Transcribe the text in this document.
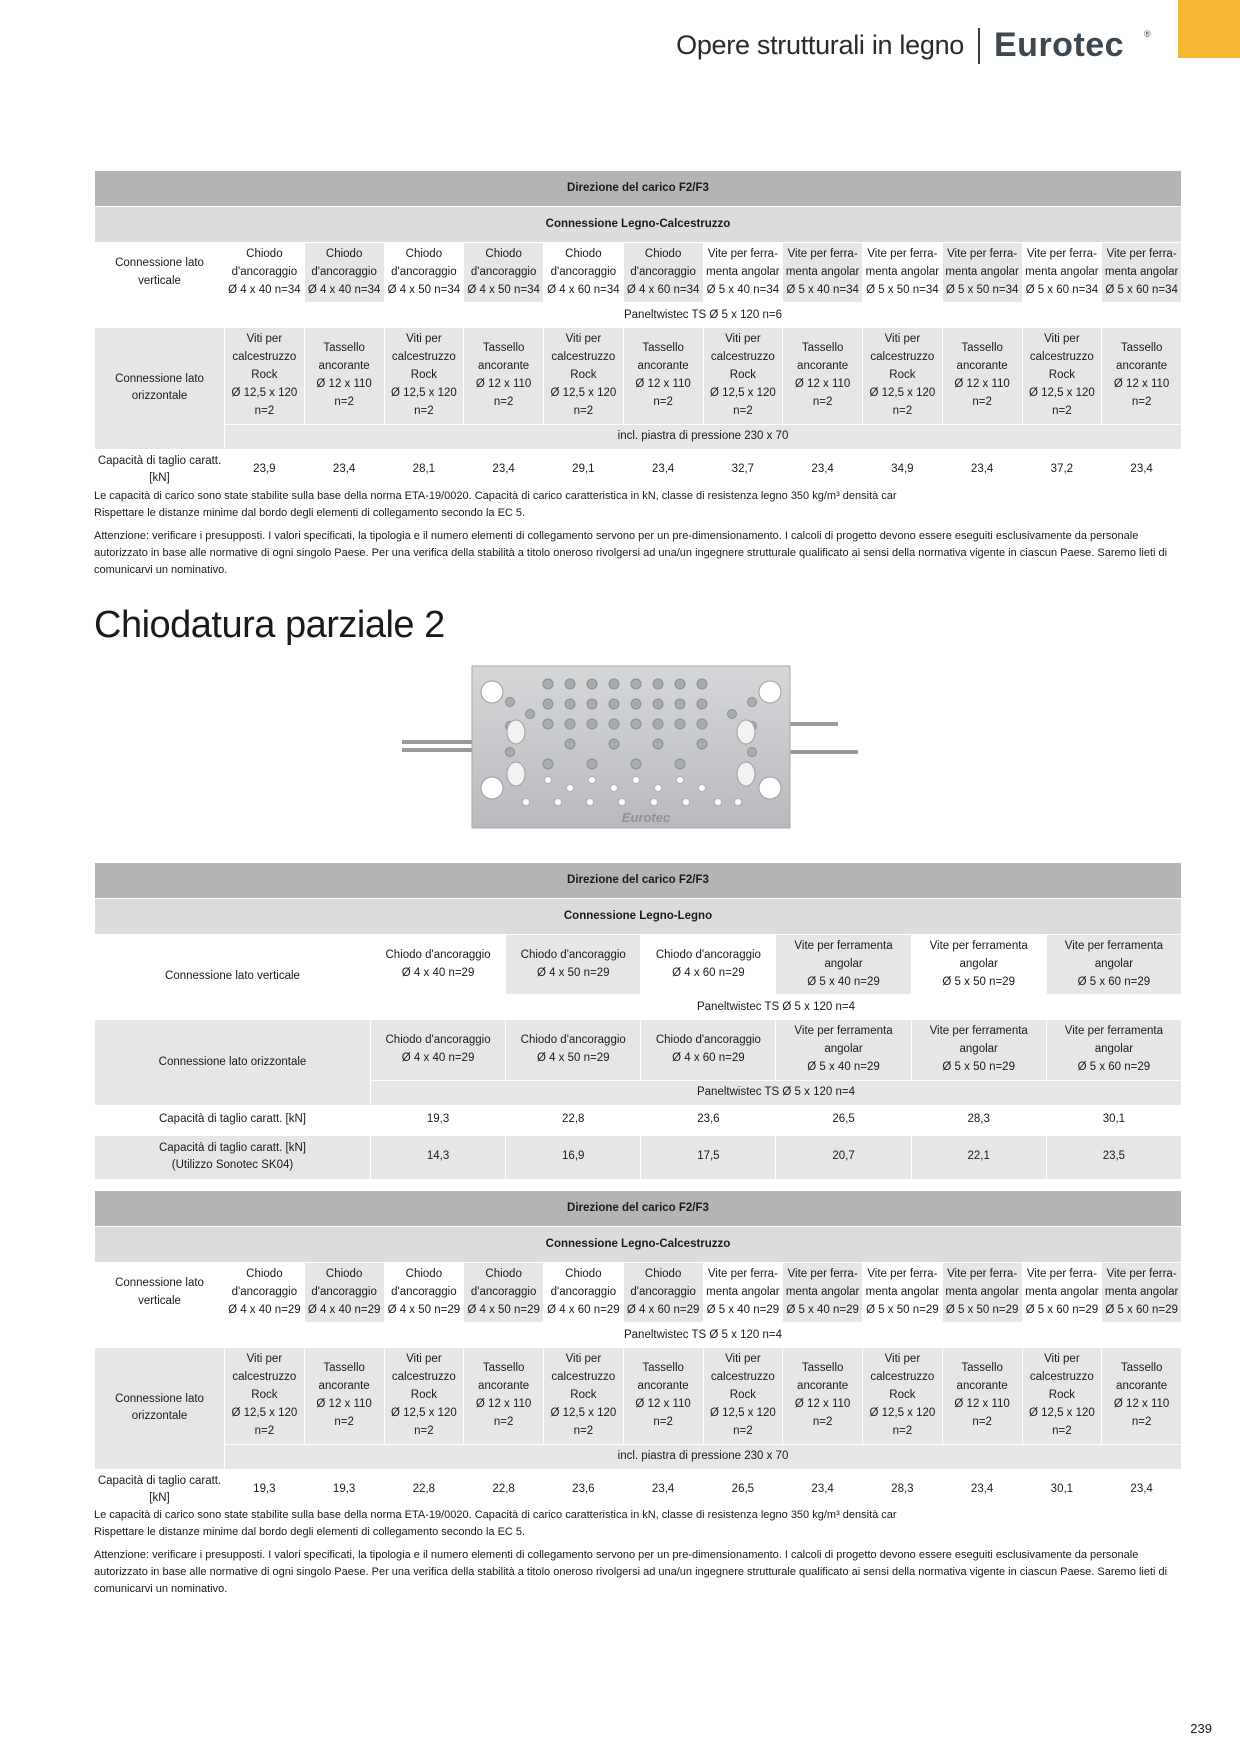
Opere strutturali in legno Eurotec ®
Direzione del carico F2/F3												
Connessione Legno-Calcestruzzo												
Connessione lato verticale	Chiodo
d'ancoraggio
Ø 4 x 40 n=34	Chiodo
d'ancoraggio
Ø 4 x 40 n=34	Chiodo
d'ancoraggio
Ø 4 x 50 n=34	Chiodo
d'ancoraggio
Ø 4 x 50 n=34	Chiodo
d'ancoraggio
Ø 4 x 60 n=34	Chiodo
d'ancoraggio
Ø 4 x 60 n=34	Vite per ferra-
menta angolar
Ø 5 x 40 n=34	Vite per ferra-
menta angolar
Ø 5 x 40 n=34	Vite per ferra-
menta angolar
Ø 5 x 50 n=34	Vite per ferra-
menta angolar
Ø 5 x 50 n=34	Vite per ferra-
menta angolar
Ø 5 x 60 n=34	Vite per ferra-
menta angolar
Ø 5 x 60 n=34
	Paneltwistec TS Ø 5 x 120 n=6											
Connessione lato orizzontale	Viti per
calcestruzzo Rock
Ø 12,5 x 120
n=2	Tassello
ancorante
Ø 12 x 110
n=2	Viti per
calcestruzzo Rock
Ø 12,5 x 120
n=2	Tassello
ancorante
Ø 12 x 110
n=2	Viti per
calcestruzzo Rock
Ø 12,5 x 120
n=2	Tassello
ancorante
Ø 12 x 110
n=2	Viti per
calcestruzzo Rock
Ø 12,5 x 120
n=2	Tassello
ancorante
Ø 12 x 110
n=2	Viti per
calcestruzzo Rock
Ø 12,5 x 120
n=2	Tassello
ancorante
Ø 12 x 110
n=2	Viti per
calcestruzzo Rock
Ø 12,5 x 120
n=2	Tassello
ancorante
Ø 12 x 110
n=2
	incl. piastra di pressione 230 x 70											
Capacità di taglio caratt. [kN]	23,9	23,4	28,1	23,4	29,1	23,4	32,7	23,4	34,9	23,4	37,2	23,4

Le capacità di carico sono state stabilite sulla base della norma ETA-19/0020. Capacità di carico caratteristica in kN, classe di resistenza legno 350 kg/m³ densità car
Rispettare le distanze minime dal bordo degli elementi di collegamento secondo la EC 5.

Attenzione: verificare i presupposti. I valori specificati, la tipologia e il numero elementi di collegamento servono per un pre-dimensionamento. I calcoli di progetto devono essere eseguiti esclusivamente da personale autorizzato in base alle normative di ogni singolo Paese. Per una verifica della stabilità a titolo oneroso rivolgersi ad una/un ingegnere strutturale qualificato ai sensi della normativa vigente in ciascun Paese. Saremo lieti di comunicarvi un nominativo.

Chiodatura parziale 2
Eurotec
Direzione del carico F2/F3						
Connessione Legno-Legno						
Connessione lato verticale	Chiodo d'ancoraggio
Ø 4 x 40 n=29	Chiodo d'ancoraggio
Ø 4 x 50 n=29	Chiodo d'ancoraggio
Ø 4 x 60 n=29	Vite per ferramenta angolar
Ø 5 x 40 n=29	Vite per ferramenta angolar
Ø 5 x 50 n=29	Vite per ferramenta angolar
Ø 5 x 60 n=29
	Paneltwistec TS Ø 5 x 120 n=4					
Connessione lato orizzontale	Chiodo d'ancoraggio
Ø 4 x 40 n=29	Chiodo d'ancoraggio
Ø 4 x 50 n=29	Chiodo d'ancoraggio
Ø 4 x 60 n=29	Vite per ferramenta angolar
Ø 5 x 40 n=29	Vite per ferramenta angolar
Ø 5 x 50 n=29	Vite per ferramenta angolar
Ø 5 x 60 n=29
	Paneltwistec TS Ø 5 x 120 n=4					
Capacità di taglio caratt. [kN]	19,3	22,8	23,6	26,5	28,3	30,1
Capacità di taglio caratt. [kN]
(Utilizzo Sonotec SK04)	14,3	16,9	17,5	20,7	22,1	23,5
Direzione del carico F2/F3												
Connessione Legno-Calcestruzzo												
Connessione lato verticale	Chiodo
d'ancoraggio
Ø 4 x 40 n=29	Chiodo
d'ancoraggio
Ø 4 x 40 n=29	Chiodo
d'ancoraggio
Ø 4 x 50 n=29	Chiodo
d'ancoraggio
Ø 4 x 50 n=29	Chiodo
d'ancoraggio
Ø 4 x 60 n=29	Chiodo
d'ancoraggio
Ø 4 x 60 n=29	Vite per ferra-
menta angolar
Ø 5 x 40 n=29	Vite per ferra-
menta angolar
Ø 5 x 40 n=29	Vite per ferra-
menta angolar
Ø 5 x 50 n=29	Vite per ferra-
menta angolar
Ø 5 x 50 n=29	Vite per ferra-
menta angolar
Ø 5 x 60 n=29	Vite per ferra-
menta angolar
Ø 5 x 60 n=29
	Paneltwistec TS Ø 5 x 120 n=4											
Connessione lato orizzontale	Viti per
calcestruzzo Rock
Ø 12,5 x 120
n=2	Tassello
ancorante
Ø 12 x 110
n=2	Viti per
calcestruzzo Rock
Ø 12,5 x 120
n=2	Tassello
ancorante
Ø 12 x 110
n=2	Viti per
calcestruzzo Rock
Ø 12,5 x 120
n=2	Tassello
ancorante
Ø 12 x 110
n=2	Viti per
calcestruzzo Rock
Ø 12,5 x 120
n=2	Tassello
ancorante
Ø 12 x 110
n=2	Viti per
calcestruzzo Rock
Ø 12,5 x 120
n=2	Tassello
ancorante
Ø 12 x 110
n=2	Viti per
calcestruzzo Rock
Ø 12,5 x 120
n=2	Tassello
ancorante
Ø 12 x 110
n=2
	incl. piastra di pressione 230 x 70											
Capacità di taglio caratt. [kN]	19,3	19,3	22,8	22,8	23,6	23,4	26,5	23,4	28,3	23,4	30,1	23,4

Le capacità di carico sono state stabilite sulla base della norma ETA-19/0020. Capacità di carico caratteristica in kN, classe di resistenza legno 350 kg/m³ densità car
Rispettare le distanze minime dal bordo degli elementi di collegamento secondo la EC 5.

Attenzione: verificare i presupposti. I valori specificati, la tipologia e il numero elementi di collegamento servono per un pre-dimensionamento. I calcoli di progetto devono essere eseguiti esclusivamente da personale autorizzato in base alle normative di ogni singolo Paese. Per una verifica della stabilità a titolo oneroso rivolgersi ad una/un ingegnere strutturale qualificato ai sensi della normativa vigente in ciascun Paese. Saremo lieti di comunicarvi un nominativo.

239
